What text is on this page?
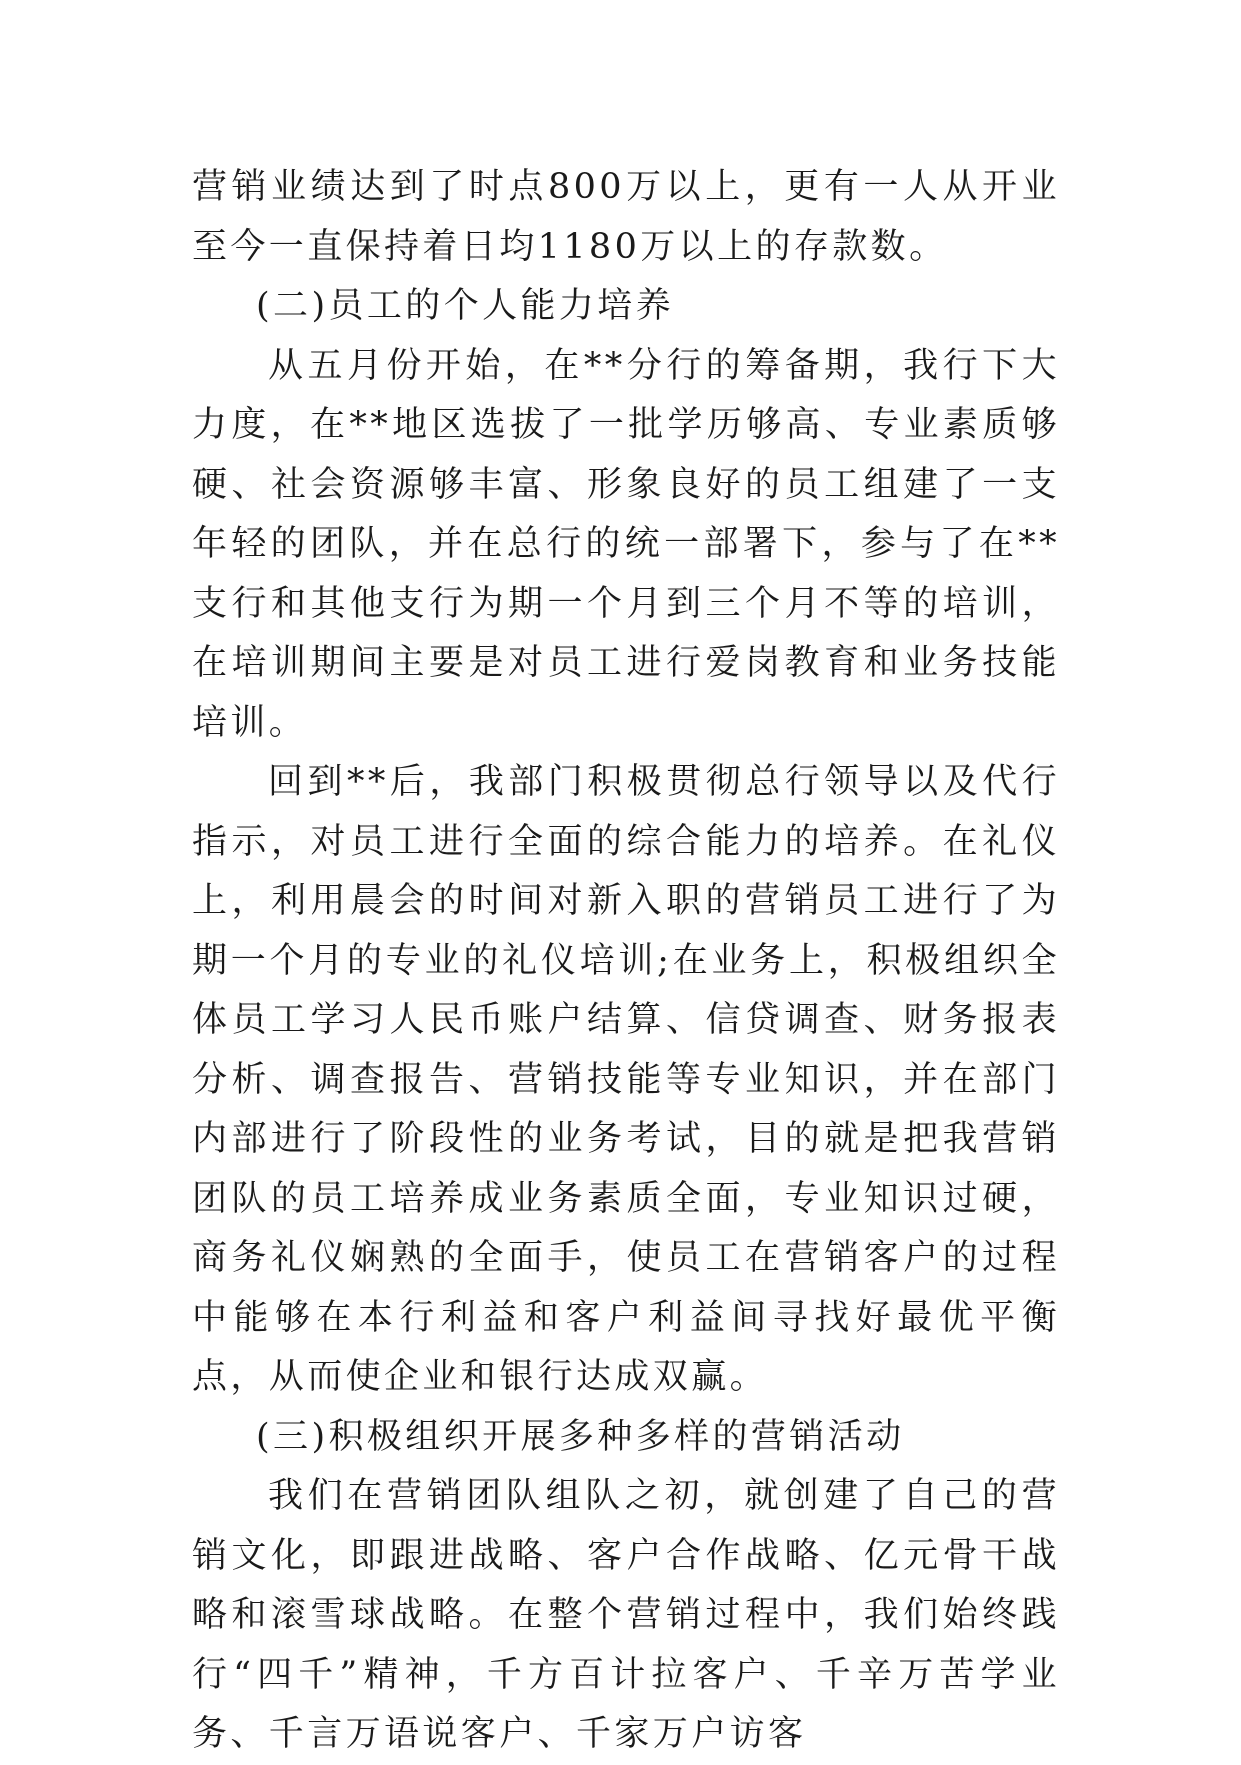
营销业绩达到了时点800万以上，更有一人从开业至今一直保持着日均1180万以上的存款数。

(二)员工的个人能力培养

从五月份开始，在**分行的筹备期，我行下大力度，在**地区选拔了一批学历够高、专业素质够硬、社会资源够丰富、形象良好的员工组建了一支年轻的团队，并在总行的统一部署下，参与了在**支行和其他支行为期一个月到三个月不等的培训，在培训期间主要是对员工进行爱岗教育和业务技能培训。

回到**后，我部门积极贯彻总行领导以及代行指示，对员工进行全面的综合能力的培养。在礼仪上，利用晨会的时间对新入职的营销员工进行了为期一个月的专业的礼仪培训;在业务上，积极组织全体员工学习人民币账户结算、信贷调查、财务报表分析、调查报告、营销技能等专业知识，并在部门内部进行了阶段性的业务考试，目的就是把我营销团队的员工培养成业务素质全面，专业知识过硬，商务礼仪娴熟的全面手，使员工在营销客户的过程中能够在本行利益和客户利益间寻找好最优平衡点，从而使企业和银行达成双赢。

(三)积极组织开展多种多样的营销活动

我们在营销团队组队之初，就创建了自己的营销文化，即跟进战略、客户合作战略、亿元骨干战略和滚雪球战略。在整个营销过程中，我们始终践行“四千”精神，千方百计拉客户、千辛万苦学业务、千言万语说客户、千家万户访客
